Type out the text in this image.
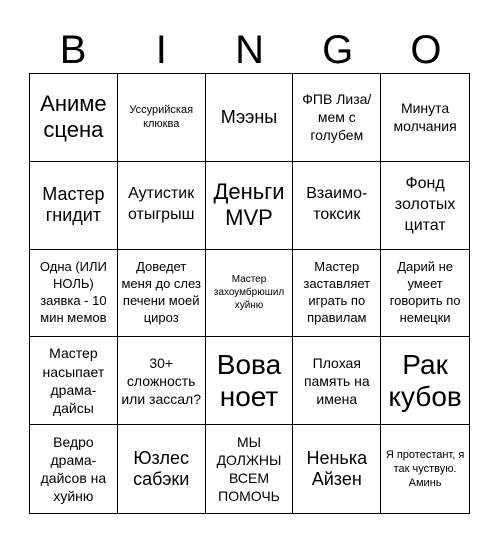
B	I	N	G	O
Аниме сцена
Уссурийская клюква	Мээны
ФПВ Лиза/мем с голубем
Минута молчания
Мастер гнидит
Аутистик отыгрыш
Деньги MVP
Взаимо-токсик
Фонд золотых цитат
Одна (ИЛИ НОЛЬ) заявка - 10 мин мемов
Доведет меня до слез печени моей цироз
Мастер захоумбрюшил хуйню
Мастер заставляет играть по правилам
Дарий не умеет говорить по немецки
Мастер насыпает драма-дайсы
30+ сложность или зассал?
Вова ноет
Плохая память на имена
Рак кубов
Ведро драма-дайсов на хуйню
Юзлес сабэки
МЫ ДОЛЖНЫ ВСЕМ ПОМОЧЬ
Ненька Айзен
Я протестант, я так чуствую. Аминь
